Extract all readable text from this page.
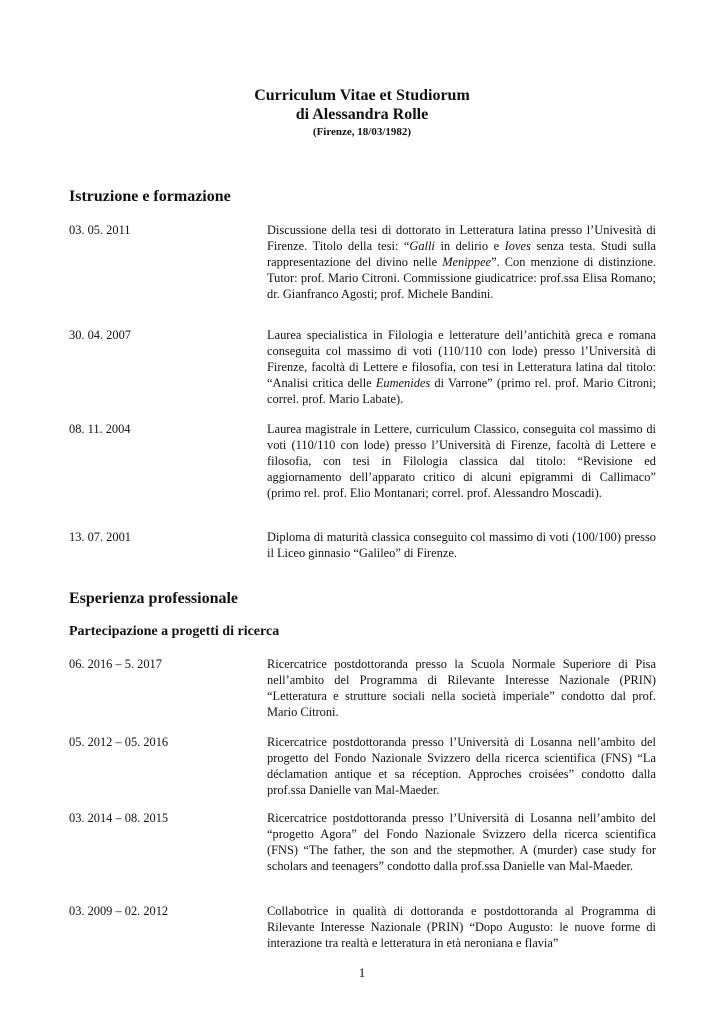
Curriculum Vitae et Studiorum
di Alessandra Rolle
(Firenze, 18/03/1982)
Istruzione e formazione
03. 05. 2011	Discussione della tesi di dottorato in Letteratura latina presso l’Univesità di Firenze. Titolo della tesi: “Galli in delirio e Ioves senza testa. Studi sulla rappresentazione del divino nelle Menippee”. Con menzione di distinzione. Tutor: prof. Mario Citroni. Commissione giudicatrice: prof.ssa Elisa Romano; dr. Gianfranco Agosti; prof. Michele Bandini.
30. 04. 2007	Laurea specialistica in Filologia e letterature dell’antichità greca e romana conseguita col massimo di voti (110/110 con lode) presso l’Università di Firenze, facoltà di Lettere e filosofia, con tesi in Letteratura latina dal titolo: “Analisi critica delle Eumenides di Varrone” (primo rel. prof. Mario Citroni; correl. prof. Mario Labate).
08. 11. 2004	Laurea magistrale in Lettere, curriculum Classico, conseguita col massimo di voti (110/110 con lode) presso l’Università di Firenze, facoltà di Lettere e filosofia, con tesi in Filologia classica dal titolo: “Revisione ed aggiornamento dell’apparato critico di alcuni epigrammi di Callimaco” (primo rel. prof. Elio Montanari; correl. prof. Alessandro Moscadi).
13. 07. 2001	Diploma di maturità classica conseguito col massimo di voti (100/100) presso il Liceo ginnasio “Galileo” di Firenze.
Esperienza professionale
Partecipazione a progetti di ricerca
06. 2016 – 5. 2017	Ricercatrice postdottoranda presso la Scuola Normale Superiore di Pisa nell’ambito del Programma di Rilevante Interesse Nazionale (PRIN) “Letteratura e strutture sociali nella società imperiale” condotto dal prof. Mario Citroni.
05. 2012 – 05. 2016	Ricercatrice postdottoranda presso l’Università di Losanna nell’ambito del progetto del Fondo Nazionale Svizzero della ricerca scientifica (FNS) “La déclamation antique et sa réception. Approches croisées” condotto dalla prof.ssa Danielle van Mal-Maeder.
03. 2014 – 08. 2015	Ricercatrice postdottoranda presso l’Università di Losanna nell’ambito del “progetto Agora” del Fondo Nazionale Svizzero della ricerca scientifica (FNS) “The father, the son and the stepmother. A (murder) case study for scholars and teenagers” condotto dalla prof.ssa Danielle van Mal-Maeder.
03. 2009 – 02. 2012	Collabotrice in qualità di dottoranda e postdottoranda al Programma di Rilevante Interesse Nazionale (PRIN) “Dopo Augusto: le nuove forme di interazione tra realtà e letteratura in età neroniana e flavia”
1
